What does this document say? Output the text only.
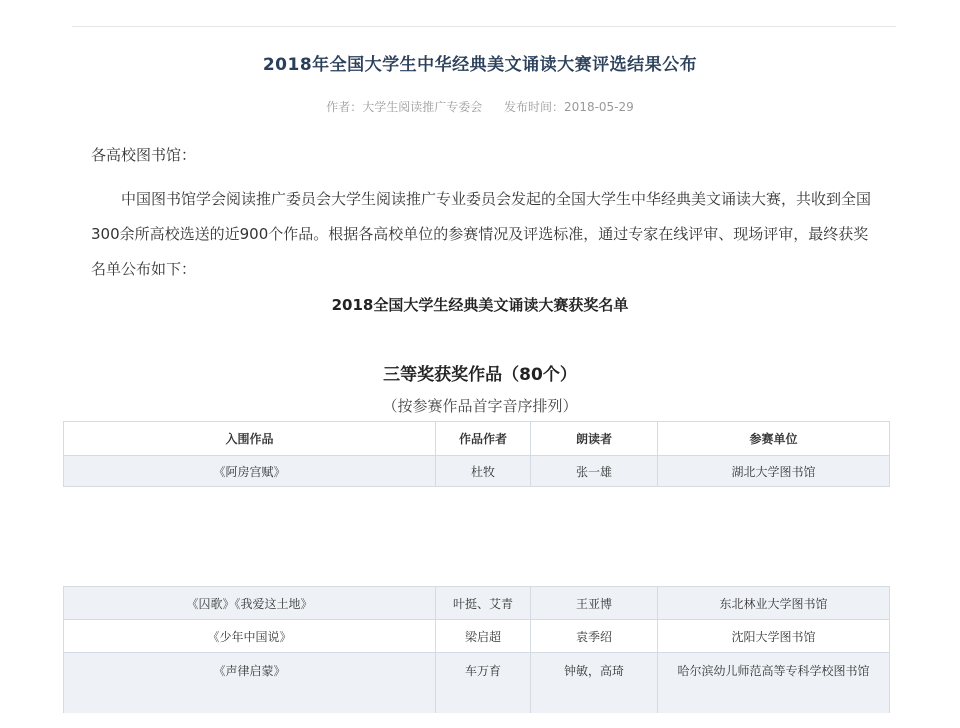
2018年全国大学生中华经典美文诵读大赛评选结果公布
作者：大学生阅读推广专委会 发布时间：2018-05-29
各高校图书馆：

中国图书馆学会阅读推广委员会大学生阅读推广专业委员会发起的全国大学生中华经典美文诵读大赛，共收到全国300余所高校选送的近900个作品。根据各高校单位的参赛情况及评选标准，通过专家在线评审、现场评审，最终获奖名单公布如下：

2018全国大学生经典美文诵读大赛获奖名单
三等奖获奖作品（80个）
（按参赛作品首字音序排列）
入围作品	作品作者	朗读者	参赛单位
《阿房宫赋》	杜牧	张一雄	湖北大学图书馆
《囚歌》《我爱这土地》	叶挺、艾青	王亚博	东北林业大学图书馆
《少年中国说》	梁启超	袁季绍	沈阳大学图书馆
《声律启蒙》	车万育	钟敏，高琦	哈尔滨幼儿师范高等专科学校图书馆
